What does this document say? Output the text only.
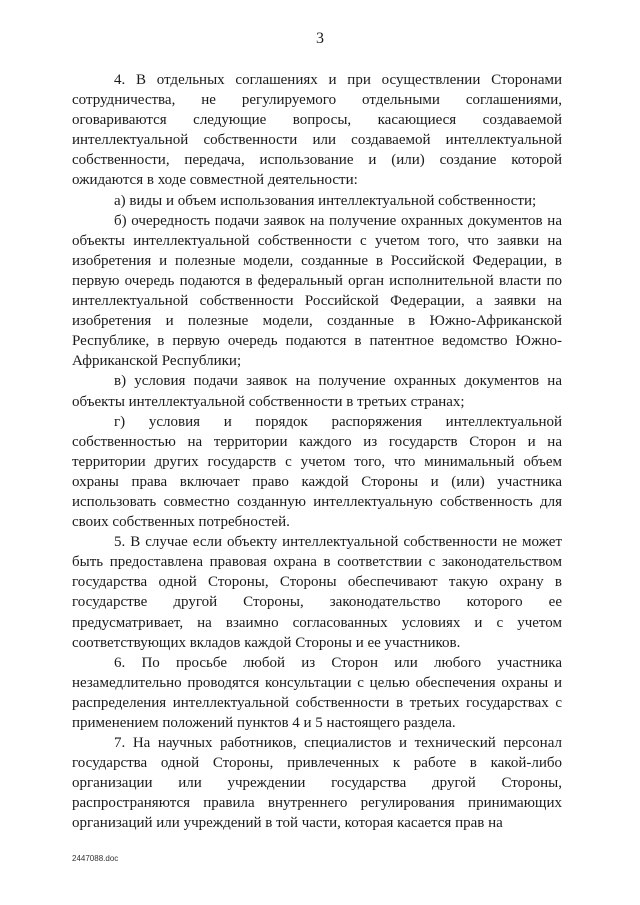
3

4. В отдельных соглашениях и при осуществлении Сторонами сотрудничества, не регулируемого отдельными соглашениями, оговариваются следующие вопросы, касающиеся создаваемой интеллектуальной собственности или создаваемой интеллектуальной собственности, передача, использование и (или) создание которой ожидаются в ходе совместной деятельности:

а) виды и объем использования интеллектуальной собственности;

б) очередность подачи заявок на получение охранных документов на объекты интеллектуальной собственности с учетом того, что заявки на изобретения и полезные модели, созданные в Российской Федерации, в первую очередь подаются в федеральный орган исполнительной власти по интеллектуальной собственности Российской Федерации, а заявки на изобретения и полезные модели, созданные в Южно-Африканской Республике, в первую очередь подаются в патентное ведомство Южно-Африканской Республики;

в) условия подачи заявок на получение охранных документов на объекты интеллектуальной собственности в третьих странах;

г) условия и порядок распоряжения интеллектуальной собственностью на территории каждого из государств Сторон и на территории других государств с учетом того, что минимальный объем охраны права включает право каждой Стороны и (или) участника использовать совместно созданную интеллектуальную собственность для своих собственных потребностей.

5. В случае если объекту интеллектуальной собственности не может быть предоставлена правовая охрана в соответствии с законодательством государства одной Стороны, Стороны обеспечивают такую охрану в государстве другой Стороны, законодательство которого ее предусматривает, на взаимно согласованных условиях и с учетом соответствующих вкладов каждой Стороны и ее участников.

6. По просьбе любой из Сторон или любого участника незамедлительно проводятся консультации с целью обеспечения охраны и распределения интеллектуальной собственности в третьих государствах с применением положений пунктов 4 и 5 настоящего раздела.

7. На научных работников, специалистов и технический персонал государства одной Стороны, привлеченных к работе в какой-либо организации или учреждении государства другой Стороны, распространяются правила внутреннего регулирования принимающих организаций или учреждений в той части, которая касается прав на

2447088.doc
